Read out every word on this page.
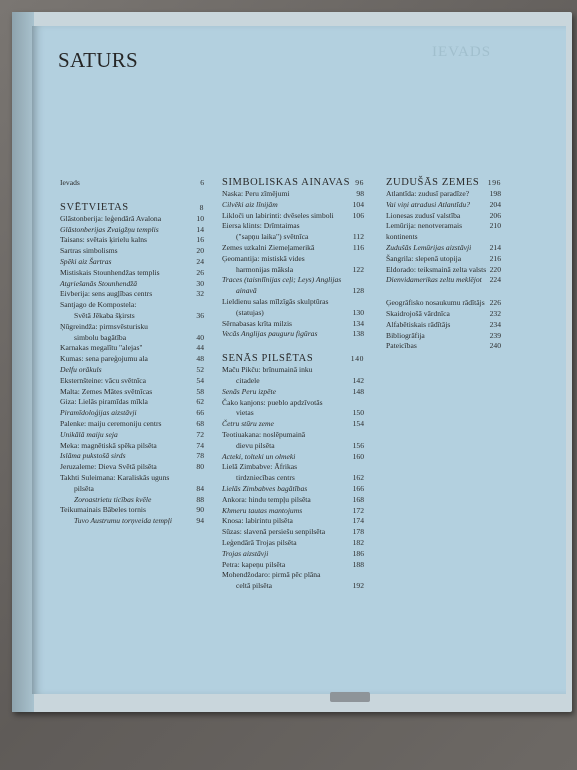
IEVADS
SATURS
Ievads	6
SVĒTVIETAS	8
Glāstonberija: leģendārā Avalona	10
Glāstonberijas Zvaigžņu templis	14
Taisans: svētais ķirielu kalns	16
Sartras simbolisms	20
Spēki aiz Šartras	24
Mistiskais Stounhendžas templis	26
Atgriešanās Stounhendžā	30
Eivberija: sens augļības centrs	32
Santjago de Kompostela:
Svētā Jēkaba šķirsts	36
Ņūgreindža: pirmsvēsturisku
simbolu bagātība	40
Karnakas megalītu "alejas"	44
Kumas: sena pareģojumu ala	48
Delfu orākuls	52
Eksternšteine: vācu svētnīca	54
Malta: Zemes Mātes svētnīcas	58
Giza: Lielās piramīdas mīkla	62
Piramīdoloģijas aizstāvji	66
Palenke: maiju ceremoniju centrs	68
Unikālā maiju seja	72
Meka: magnētiskā spēka pilsēta	74
Islāma pukstošā sirds	78
Jeruzaleme: Dieva Svētā pilsēta	80
Takhti Suleimana: Karaliskās uguns
pilsēta	84
Zoroastrietu ticības kvēle	88
Teikumainais Bābeles tornis	90
Tuvo Austrumu torņveida tempļi	94
SIMBOLISKAS AINAVAS 96
Naska: Peru zīmējumi	98
Cilvēki aiz līnijām	104
Likloči un labirinti: dvēseles simboli	106
Eiersa klints: Drīmtaimas
("sapņu laika") svētnīca	112
Zemes uzkalni Ziemeļamerikā	116
Ģeomantija: mistiskā vides
harmonijas māksla	122
Traces (taisnlīnijas ceļi; Leys) Anglijas
ainavā	128
Lieldienu salas mīlzīgās skulptūras
(statujas)	130
Sērnabasas krīta milzis	134
Vecās Anglijas pauguru figūras	138
SENĀS PILSĒTAS	140
Maču Pikču: brīnumainā inku
citadele	142
Senās Peru izpēte	148
Čako kanjons: pueblo apdzīvotās
vietas	150
Četru stūru zeme	154
Teotiuakana: noslēpumainā
dievu pilsēta	156
Acteki, tolteki un olmeki	160
Lielā Zimbabve: Āfrikas
tirdzniecības centrs	162
Lielās Zimbabves bagātības	166
Ankora: hindu tempļu pilsēta	168
Khmeru tautas mantojums	172
Knosa: labirintu pilsēta	174
Sūzas: slavenā persiešu senpilsēta	178
Leģendārā Trojas pilsēta	182
Trojas aizstāvji	186
Petra: kapeņu pilsēta	188
Mohendžodaro: pirmā pēc plāna
celtā pilsēta	192
ZUDUŠĀS ZEMES	196
Atlantīda: zudusī paradīze?	198
Vai viņi atradusi Atlantīdu?	204
Lionesas zudusī valstība	206
Lemūrija: nenotveramais kontinents
210
Zudušās Lemūrijas aizstāvji	214
Šangrila: slepenā utopija	216
Eldorado: teiksmainā zelta valsts 220
Dienvidamerikas zeltu meklējot	224
Ģeogrāfisko nosaukumu rādītājs 226
Skaidrojošā vārdnīca	232
Alfabētiskais rādītājs	234
Bibliogrāfija	239
Pateicības	240
